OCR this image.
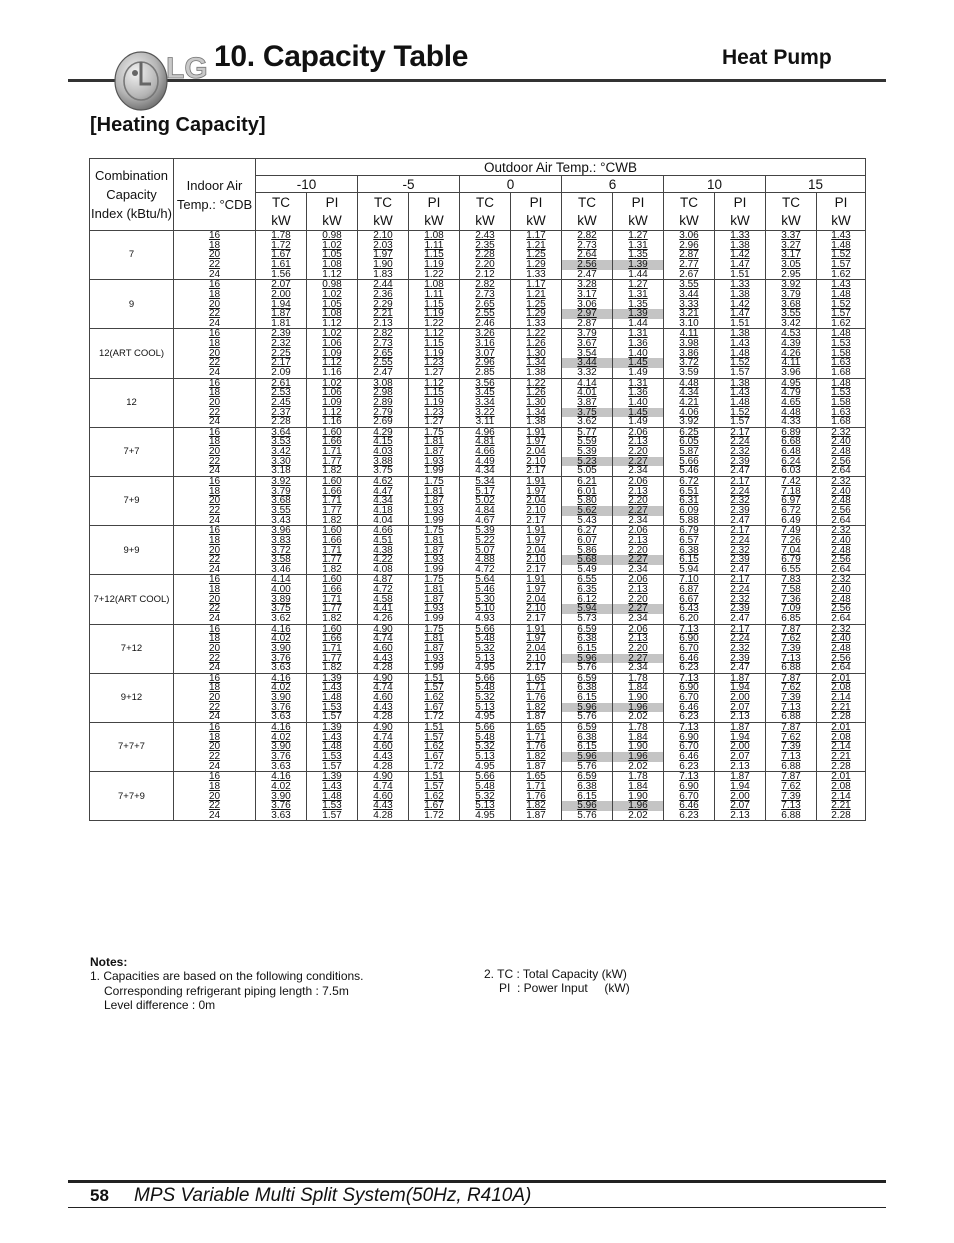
LG 10. Capacity Table	Heat Pump
[Heating Capacity]
Combination Capacity Index (kBtu/h)	Indoor Air Temp.: °CDB	Outdoor Air Temp.: °CWB											
		-10		-5		0		6		10		15	
		TC	PI	TC	PI	TC	PI	TC	PI	TC	PI	TC	PI
		kW	kW	kW	kW	kW	kW	kW	kW	kW	kW	kW	kW
7	16	1.78	0.98	2.10	1.08	2.43	1.17	2.82	1.27	3.06	1.33	3.37	1.43
	18	1.72	1.02	2.03	1.11	2.35	1.21	2.73	1.31	2.96	1.38	3.27	1.48
	20	1.67	1.05	1.97	1.15	2.28	1.25	2.64	1.35	2.87	1.42	3.17	1.52
	22	1.61	1.08	1.90	1.19	2.20	1.29	2.56	1.39	2.77	1.47	3.05	1.57
	24	1.56	1.12	1.83	1.22	2.12	1.33	2.47	1.44	2.67	1.51	2.95	1.62
9	16	2.07	0.98	2.44	1.08	2.82	1.17	3.28	1.27	3.55	1.33	3.92	1.43
	18	2.00	1.02	2.36	1.11	2.73	1.21	3.17	1.31	3.44	1.38	3.79	1.48
	20	1.94	1.05	2.29	1.15	2.65	1.25	3.06	1.35	3.33	1.42	3.68	1.52
	22	1.87	1.08	2.21	1.19	2.55	1.29	2.97	1.39	3.21	1.47	3.55	1.57
	24	1.81	1.12	2.13	1.22	2.46	1.33	2.87	1.44	3.10	1.51	3.42	1.62
12(ART COOL)	16	2.39	1.02	2.82	1.12	3.26	1.22	3.79	1.31	4.11	1.38	4.53	1.48
	18	2.32	1.06	2.73	1.15	3.16	1.26	3.67	1.36	3.98	1.43	4.39	1.53
	20	2.25	1.09	2.65	1.19	3.07	1.30	3.54	1.40	3.86	1.48	4.26	1.58
	22	2.17	1.12	2.55	1.23	2.96	1.34	3.44	1.45	3.72	1.52	4.11	1.63
	24	2.09	1.16	2.47	1.27	2.85	1.38	3.32	1.49	3.59	1.57	3.96	1.68
12	16	2.61	1.02	3.08	1.12	3.56	1.22	4.14	1.31	4.48	1.38	4.95	1.48
	18	2.53	1.06	2.98	1.15	3.45	1.26	4.01	1.36	4.34	1.43	4.79	1.53
	20	2.45	1.09	2.89	1.19	3.34	1.30	3.87	1.40	4.21	1.48	4.65	1.58
	22	2.37	1.12	2.79	1.23	3.22	1.34	3.75	1.45	4.06	1.52	4.48	1.63
	24	2.28	1.16	2.69	1.27	3.11	1.38	3.62	1.49	3.92	1.57	4.33	1.68
7+7	16	3.64	1.60	4.29	1.75	4.96	1.91	5.77	2.06	6.25	2.17	6.89	2.32
	18	3.53	1.66	4.15	1.81	4.81	1.97	5.59	2.13	6.05	2.24	6.68	2.40
	20	3.42	1.71	4.03	1.87	4.66	2.04	5.39	2.20	5.87	2.32	6.48	2.48
	22	3.30	1.77	3.88	1.93	4.49	2.10	5.23	2.27	5.66	2.39	6.24	2.56
	24	3.18	1.82	3.75	1.99	4.34	2.17	5.05	2.34	5.46	2.47	6.03	2.64
7+9	16	3.92	1.60	4.62	1.75	5.34	1.91	6.21	2.06	6.72	2.17	7.42	2.32
	18	3.79	1.66	4.47	1.81	5.17	1.97	6.01	2.13	6.51	2.24	7.18	2.40
	20	3.68	1.71	4.34	1.87	5.02	2.04	5.80	2.20	6.31	2.32	6.97	2.48
	22	3.55	1.77	4.18	1.93	4.84	2.10	5.62	2.27	6.09	2.39	6.72	2.56
	24	3.43	1.82	4.04	1.99	4.67	2.17	5.43	2.34	5.88	2.47	6.49	2.64
9+9	16	3.96	1.60	4.66	1.75	5.39	1.91	6.27	2.06	6.79	2.17	7.49	2.32
	18	3.83	1.66	4.51	1.81	5.22	1.97	6.07	2.13	6.57	2.24	7.26	2.40
	20	3.72	1.71	4.38	1.87	5.07	2.04	5.86	2.20	6.38	2.32	7.04	2.48
	22	3.58	1.77	4.22	1.93	4.88	2.10	5.68	2.27	6.15	2.39	6.79	2.56
	24	3.46	1.82	4.08	1.99	4.72	2.17	5.49	2.34	5.94	2.47	6.55	2.64
7+12(ART COOL)	16	4.14	1.60	4.87	1.75	5.64	1.91	6.55	2.06	7.10	2.17	7.83	2.32
	18	4.00	1.66	4.72	1.81	5.46	1.97	6.35	2.13	6.87	2.24	7.58	2.40
	20	3.89	1.71	4.58	1.87	5.30	2.04	6.12	2.20	6.67	2.32	7.36	2.48
	22	3.75	1.77	4.41	1.93	5.10	2.10	5.94	2.27	6.43	2.39	7.09	2.56
	24	3.62	1.82	4.26	1.99	4.93	2.17	5.73	2.34	6.20	2.47	6.85	2.64
7+12	16	4.16	1.60	4.90	1.75	5.66	1.91	6.59	2.06	7.13	2.17	7.87	2.32
	18	4.02	1.66	4.74	1.81	5.48	1.97	6.38	2.13	6.90	2.24	7.62	2.40
	20	3.90	1.71	4.60	1.87	5.32	2.04	6.15	2.20	6.70	2.32	7.39	2.48
	22	3.76	1.77	4.43	1.93	5.13	2.10	5.96	2.27	6.46	2.39	7.13	2.56
	24	3.63	1.82	4.28	1.99	4.95	2.17	5.76	2.34	6.23	2.47	6.88	2.64
9+12	16	4.16	1.39	4.90	1.51	5.66	1.65	6.59	1.78	7.13	1.87	7.87	2.01
	18	4.02	1.43	4.74	1.57	5.48	1.71	6.38	1.84	6.90	1.94	7.62	2.08
	20	3.90	1.48	4.60	1.62	5.32	1.76	6.15	1.90	6.70	2.00	7.39	2.14
	22	3.76	1.53	4.43	1.67	5.13	1.82	5.96	1.96	6.46	2.07	7.13	2.21
	24	3.63	1.57	4.28	1.72	4.95	1.87	5.76	2.02	6.23	2.13	6.88	2.28
7+7+7	16	4.16	1.39	4.90	1.51	5.66	1.65	6.59	1.78	7.13	1.87	7.87	2.01
	18	4.02	1.43	4.74	1.57	5.48	1.71	6.38	1.84	6.90	1.94	7.62	2.08
	20	3.90	1.48	4.60	1.62	5.32	1.76	6.15	1.90	6.70	2.00	7.39	2.14
	22	3.76	1.53	4.43	1.67	5.13	1.82	5.96	1.96	6.46	2.07	7.13	2.21
	24	3.63	1.57	4.28	1.72	4.95	1.87	5.76	2.02	6.23	2.13	6.88	2.28
7+7+9	16	4.16	1.39	4.90	1.51	5.66	1.65	6.59	1.78	7.13	1.87	7.87	2.01
	18	4.02	1.43	4.74	1.57	5.48	1.71	6.38	1.84	6.90	1.94	7.62	2.08
	20	3.90	1.48	4.60	1.62	5.32	1.76	6.15	1.90	6.70	2.00	7.39	2.14
	22	3.76	1.53	4.43	1.67	5.13	1.82	5.96	1.96	6.46	2.07	7.13	2.21
	24	3.63	1.57	4.28	1.72	4.95	1.87	5.76	2.02	6.23	2.13	6.88	2.28
Notes:
1. Capacities are based on the following conditions.
Corresponding refrigerant piping length : 7.5m
Level difference : 0m
2. TC : Total Capacity (kW)
PI  : Power Input     (kW)
58 MPS Variable Multi Split System(50Hz, R410A)
